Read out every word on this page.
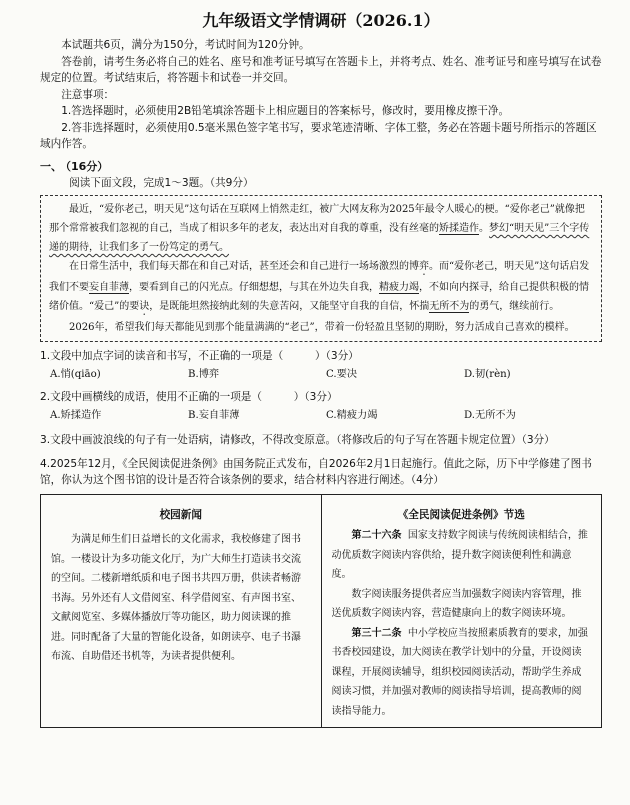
九年级语文学情调研（2026.1）

本试题共6页，满分为150分，考试时间为120分钟。

答卷前，请考生务必将自己的姓名、座号和准考证号填写在答题卡上，并将考点、姓名、准考证号和座号填写在试卷规定的位置。考试结束后，将答题卡和试卷一并交回。

注意事项：

1.答选择题时，必须使用2B铅笔填涂答题卡上相应题目的答案标号，修改时，要用橡皮擦干净。

2.答非选择题时，必须使用0.5毫米黑色签字笔书写，要求笔迹清晰、字体工整，务必在答题卡题号所指示的答题区域内作答。

一、
（16分）

阅读下面文段，完成1～3题。（共9分）

最近，“爱你老己，明天见”这句话在互联网上悄然走红，被广大网友称为2025年最令人暖心的梗。“爱你老己”就像把那个常常被我们忽视的自己，当成了相识多年的老友，表达出对自我的尊重，没有丝毫的矫揉造作。梦幻“明天见”三个字传递的期待，让我们多了一份笃定的勇气。

在日常生活中，我们每天都在和自己对话，甚至还会和自己进行一场场激烈的博弈。而“爱你老己，明天见”这句话启发我们不要妄自菲薄，要看到自己的闪光点。仔细想想，与其在外边失自我，精疲力竭，不如向内探寻，给自己提供积极的情绪价值。“爱己”的要诀，是既能坦然接纳此刻的失意苦闷，又能坚守自我的自信，怀揣无所不为的勇气，继续前行。

2026年，希望我们每天都能见到那个能量满满的“老己”，带着一份轻盈且坚韧的期盼，努力活成自己喜欢的模样。

1.文段中加点字词的读音和书写，不正确的一项是（　　　）（3分）
A.悄(qiāo)	B.博弈	C.要决	D.韧(rèn)
2.文段中画横线的成语，使用不正确的一项是（　　　）（3分）
A.矫揉造作	B.妄自菲薄	C.精疲力竭	D.无所不为
3.文段中画波浪线的句子有一处语病，请修改，不得改变原意。（将修改后的句子写在答题卡规定位置）（3分）
4.2025年12月，《全民阅读促进条例》由国务院正式发布，自2026年2月1日起施行。值此之际，历下中学修建了图书馆，你认为这个图书馆的设计是否符合该条例的要求，结合材料内容进行阐述。（4分）
校园新闻

为满足师生们日益增长的文化需求，我校修建了图书馆。一楼设计为多功能文化厅，为广大师生打造读书交流的空间。二楼新增纸质和电子图书共四万册，供读者畅游书海。另外还有人文借阅室、科学借阅室、有声图书室、文献阅览室、多媒体播放厅等功能区，助力阅读课的推进。同时配备了大量的智能化设备，如朗读亭、电子书瀑布流、自助借还书机等，为读者提供便利。

《全民阅读促进条例》节选

第二十六条 国家支持数字阅读与传统阅读相结合，推动优质数字阅读内容供给，提升数字阅读便利性和满意度。

数字阅读服务提供者应当加强数字阅读内容管理，推送优质数字阅读内容，营造健康向上的数字阅读环境。

第三十二条 中小学校应当按照素质教育的要求，加强书香校园建设，加大阅读在教学计划中的分量，开设阅读课程，开展阅读辅导，组织校园阅读活动，帮助学生养成阅读习惯，并加强对教师的阅读指导培训，提高教师的阅读指导能力。
